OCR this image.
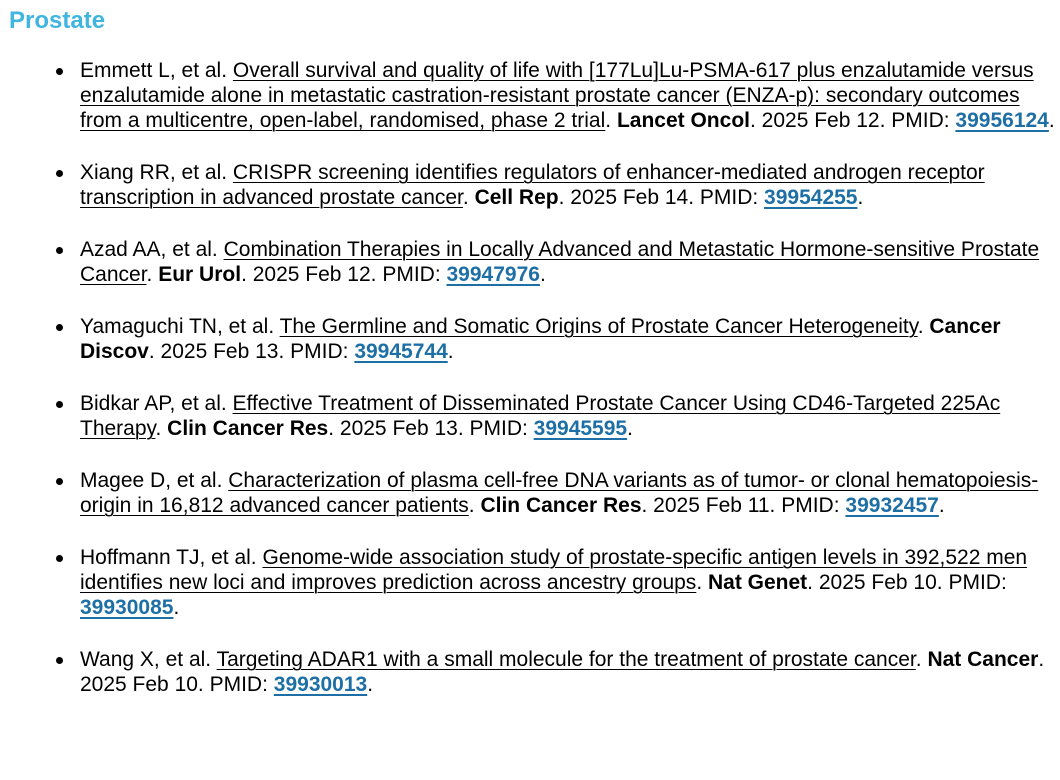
Prostate
Emmett L, et al. Overall survival and quality of life with [177Lu]Lu-PSMA-617 plus enzalutamide versus enzalutamide alone in metastatic castration-resistant prostate cancer (ENZA-p): secondary outcomes from a multicentre, open-label, randomised, phase 2 trial. Lancet Oncol. 2025 Feb 12. PMID: 39956124.
Xiang RR, et al. CRISPR screening identifies regulators of enhancer-mediated androgen receptor transcription in advanced prostate cancer. Cell Rep. 2025 Feb 14. PMID: 39954255.
Azad AA, et al. Combination Therapies in Locally Advanced and Metastatic Hormone-sensitive Prostate Cancer. Eur Urol. 2025 Feb 12. PMID: 39947976.
Yamaguchi TN, et al. The Germline and Somatic Origins of Prostate Cancer Heterogeneity. Cancer Discov. 2025 Feb 13. PMID: 39945744.
Bidkar AP, et al. Effective Treatment of Disseminated Prostate Cancer Using CD46-Targeted 225Ac Therapy. Clin Cancer Res. 2025 Feb 13. PMID: 39945595.
Magee D, et al. Characterization of plasma cell-free DNA variants as of tumor- or clonal hematopoiesis-origin in 16,812 advanced cancer patients. Clin Cancer Res. 2025 Feb 11. PMID: 39932457.
Hoffmann TJ, et al. Genome-wide association study of prostate-specific antigen levels in 392,522 men identifies new loci and improves prediction across ancestry groups. Nat Genet. 2025 Feb 10. PMID: 39930085.
Wang X, et al. Targeting ADAR1 with a small molecule for the treatment of prostate cancer. Nat Cancer. 2025 Feb 10. PMID: 39930013.
